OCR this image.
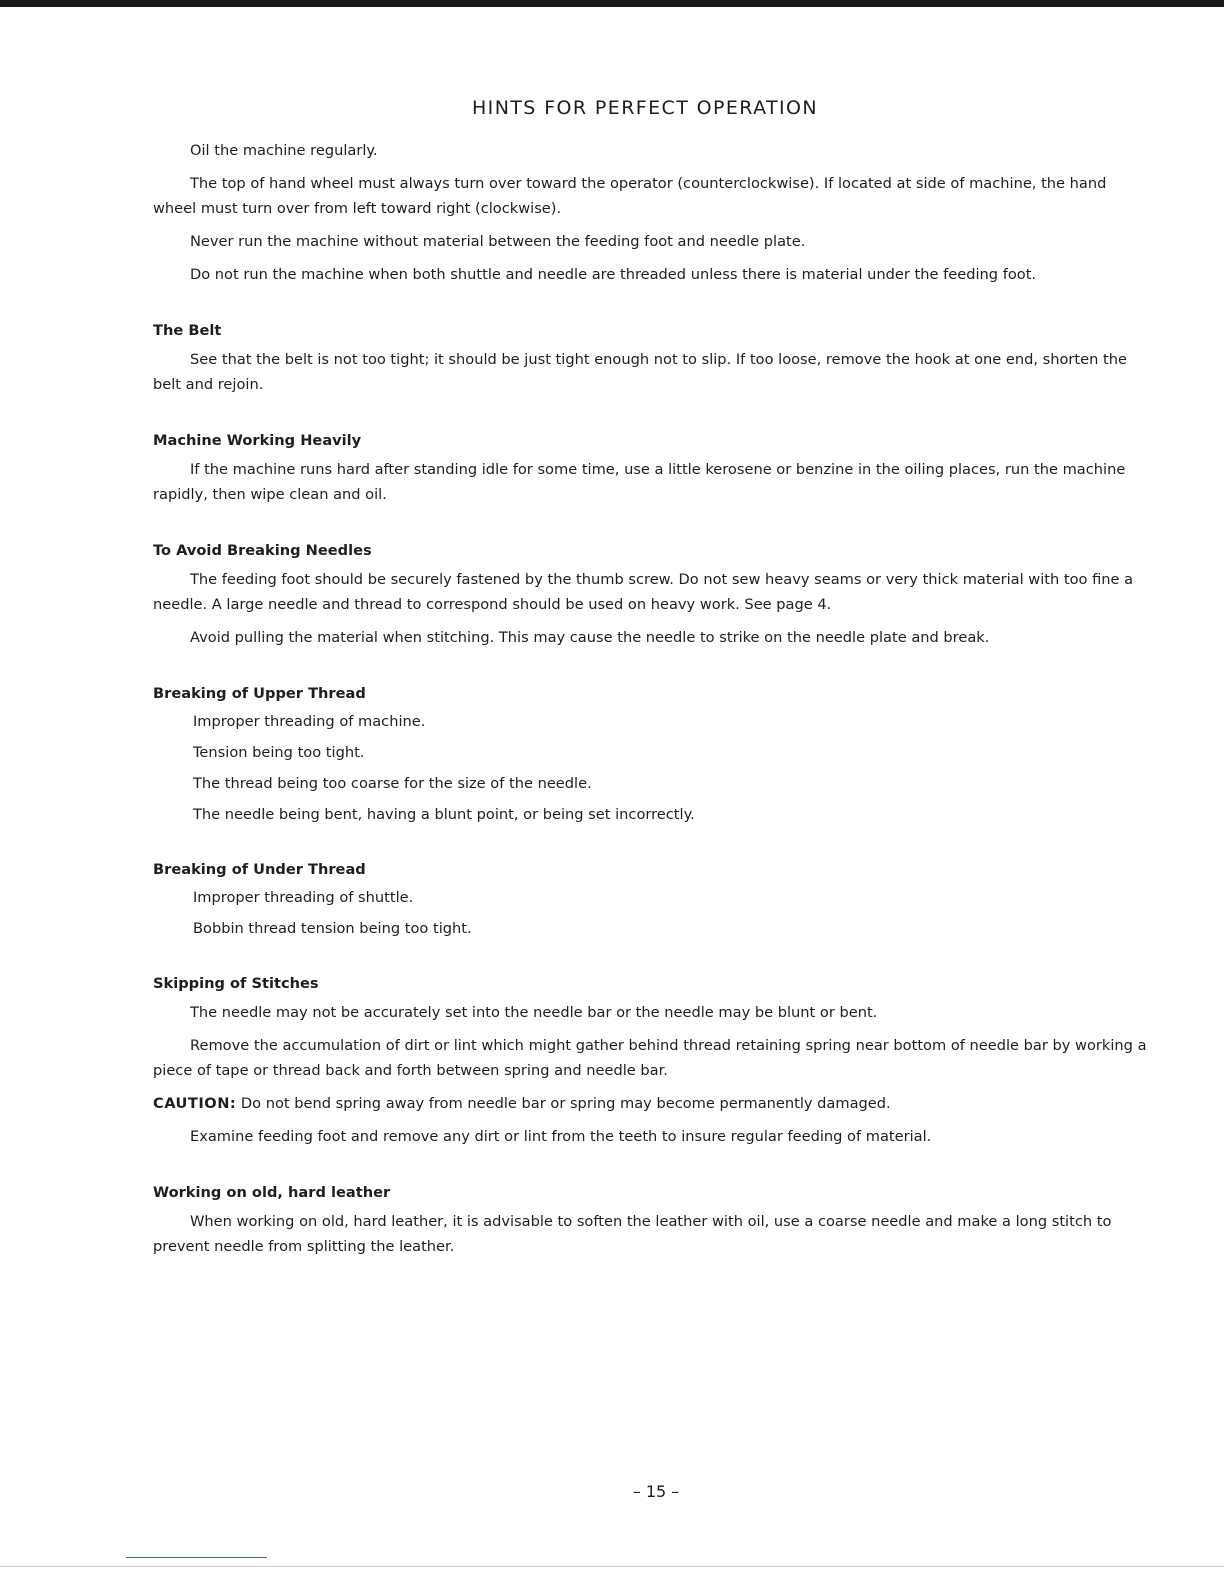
HINTS FOR PERFECT OPERATION

Oil the machine regularly.

The top of hand wheel must always turn over toward the operator (counterclockwise). If located at side of machine, the hand wheel must turn over from left toward right (clockwise).

Never run the machine without material between the feeding foot and needle plate.

Do not run the machine when both shuttle and needle are threaded unless there is material under the feeding foot.

The Belt

See that the belt is not too tight; it should be just tight enough not to slip. If too loose, remove the hook at one end, shorten the belt and rejoin.

Machine Working Heavily

If the machine runs hard after standing idle for some time, use a little kerosene or benzine in the oiling places, run the machine rapidly, then wipe clean and oil.

To Avoid Breaking Needles

The feeding foot should be securely fastened by the thumb screw. Do not sew heavy seams or very thick material with too fine a needle. A large needle and thread to correspond should be used on heavy work. See page 4.

Avoid pulling the material when stitching. This may cause the needle to strike on the needle plate and break.

Breaking of Upper Thread
Improper threading of machine.
Tension being too tight.
The thread being too coarse for the size of the needle.
The needle being bent, having a blunt point, or being set incorrectly.
Breaking of Under Thread
Improper threading of shuttle.
Bobbin thread tension being too tight.
Skipping of Stitches

The needle may not be accurately set into the needle bar or the needle may be blunt or bent.

Remove the accumulation of dirt or lint which might gather behind thread retaining spring near bottom of needle bar by working a piece of tape or thread back and forth between spring and needle bar.

CAUTION: Do not bend spring away from needle bar or spring may become permanently damaged.

Examine feeding foot and remove any dirt or lint from the teeth to insure regular feeding of material.

Working on old, hard leather

When working on old, hard leather, it is advisable to soften the leather with oil, use a coarse needle and make a long stitch to prevent needle from splitting the leather.

– 15 –
